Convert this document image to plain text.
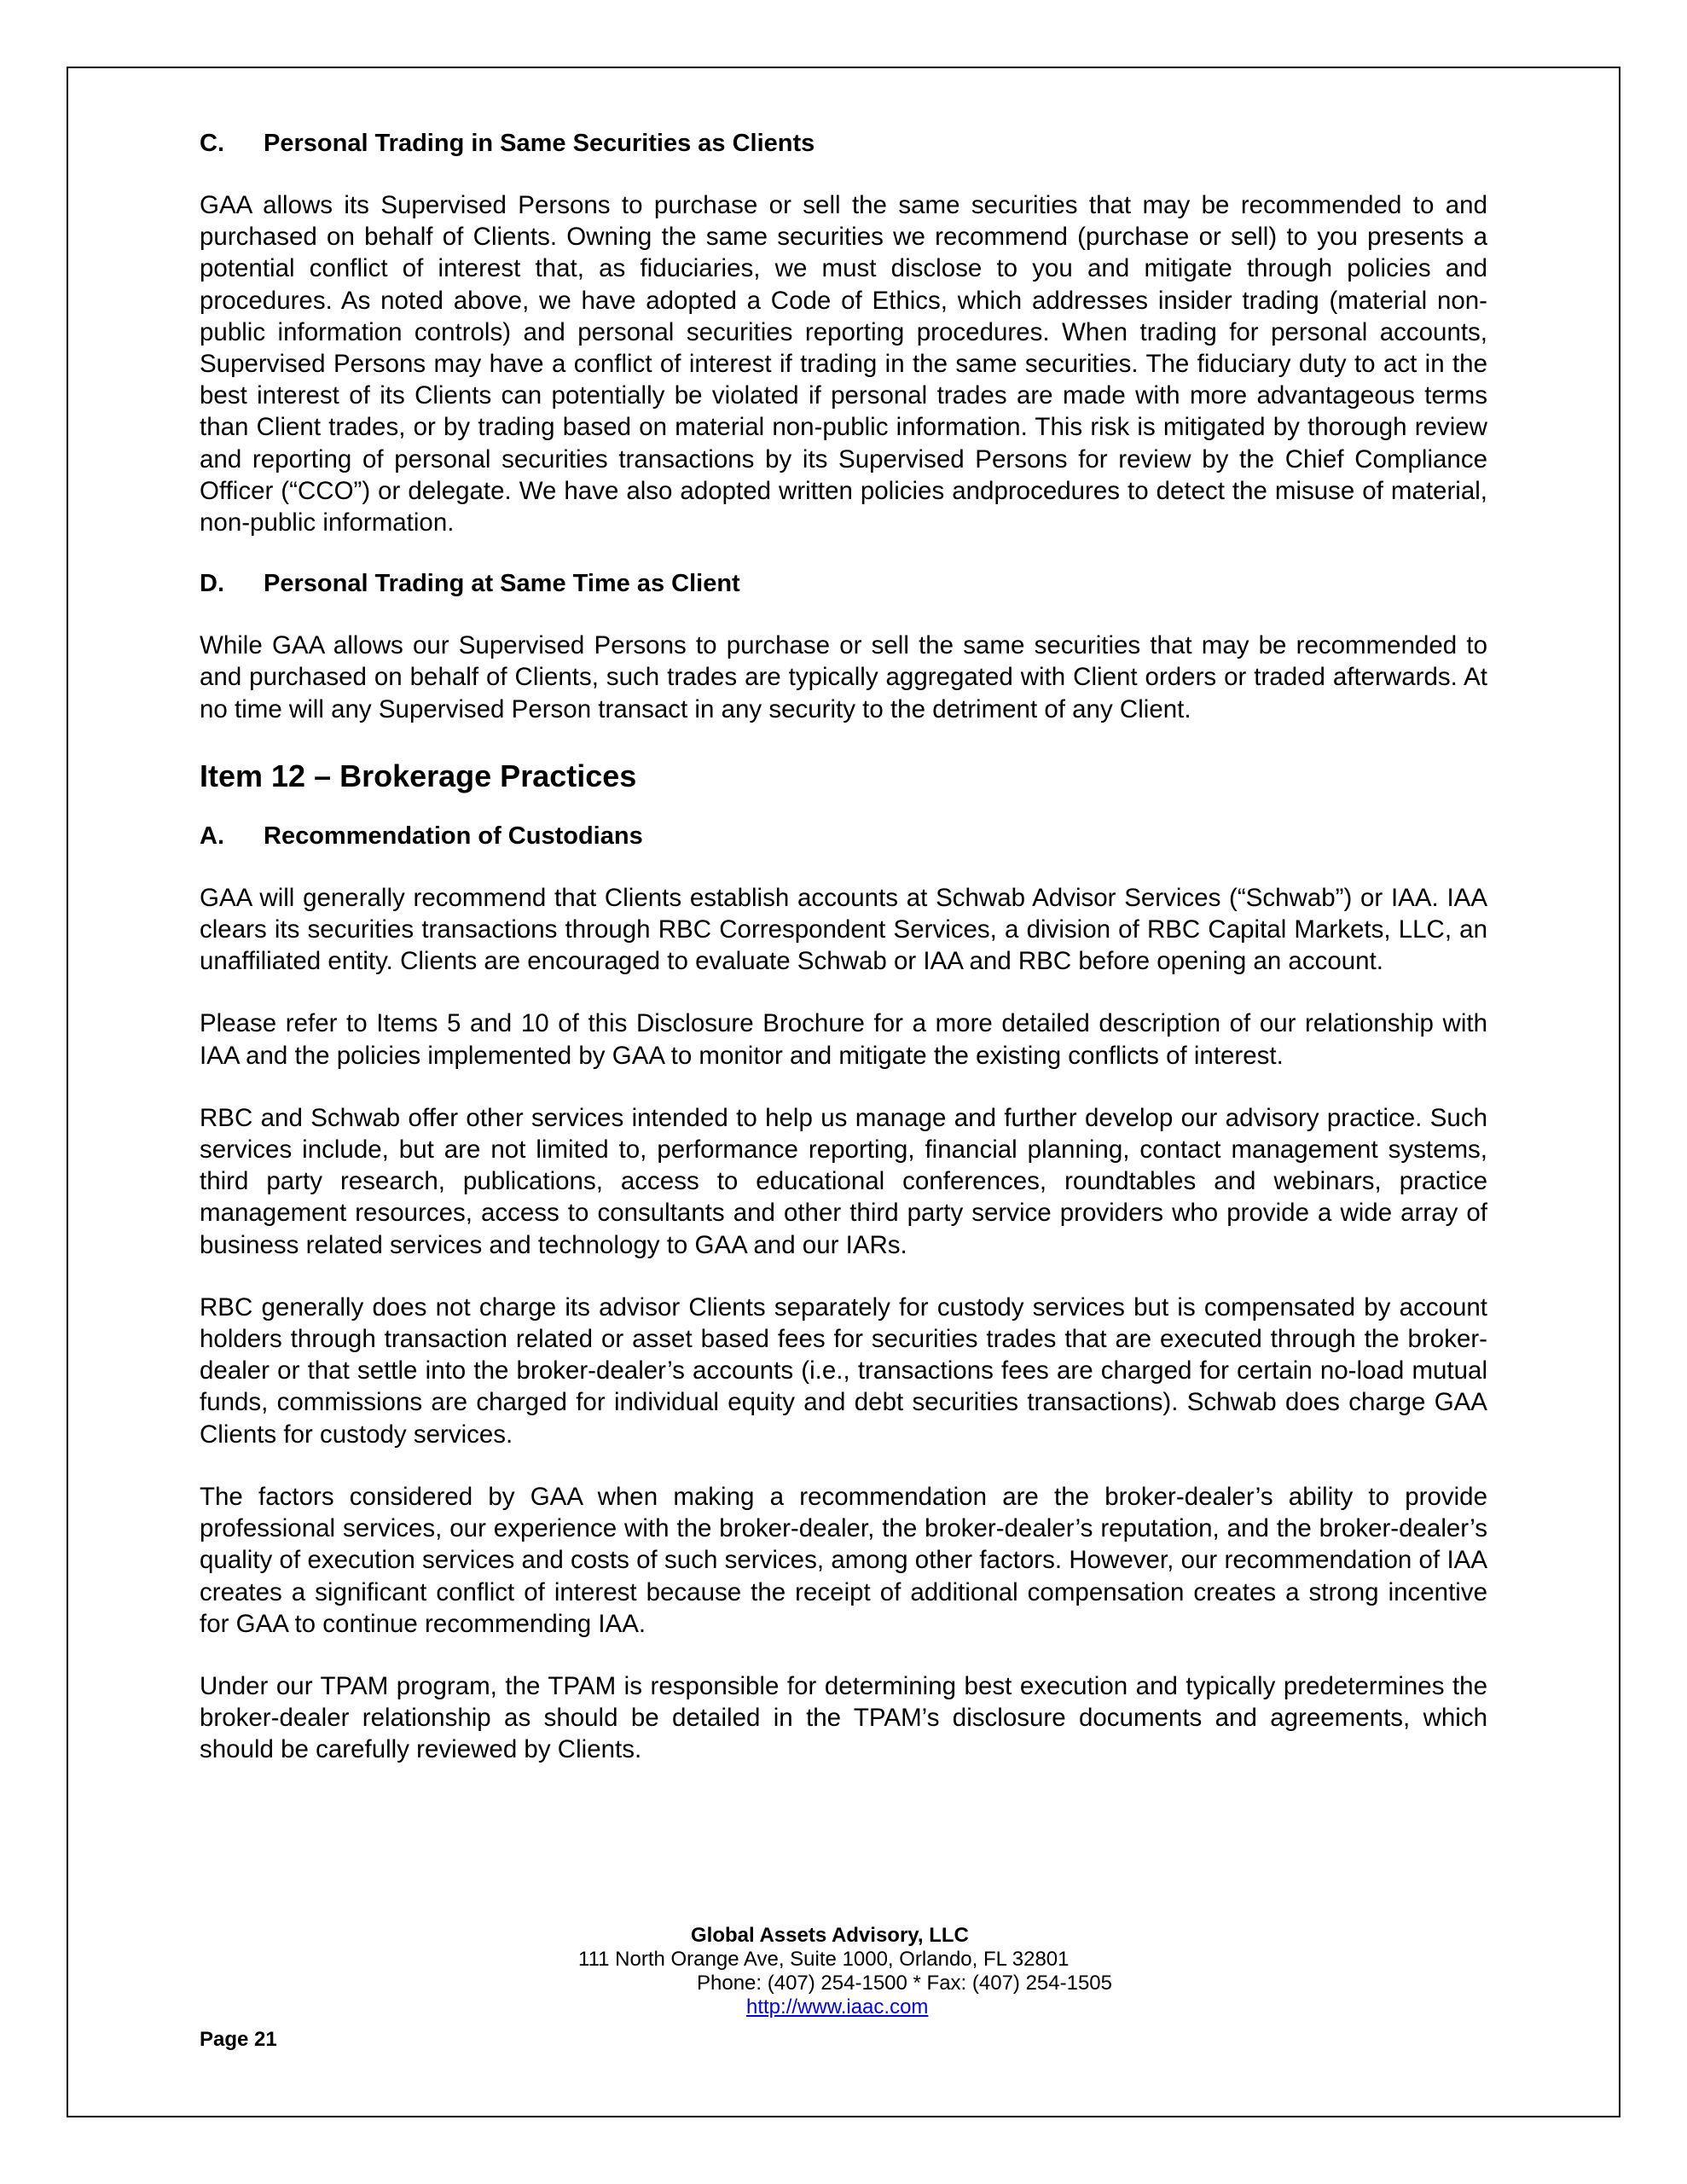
C.	Personal Trading in Same Securities as Clients

GAA allows its Supervised Persons to purchase or sell the same securities that may be recommended to and purchased on behalf of Clients. Owning the same securities we recommend (purchase or sell) to you presents a potential conflict of interest that, as fiduciaries, we must disclose to you and mitigate through policies and procedures. As noted above, we have adopted a Code of Ethics, which addresses insider trading (material non-public information controls) and personal securities reporting procedures. When trading for personal accounts, Supervised Persons may have a conflict of interest if trading in the same securities. The fiduciary duty to act in the best interest of its Clients can potentially be violated if personal trades are made with more advantageous terms than Client trades, or by trading based on material non-public information. This risk is mitigated by thorough review and reporting of personal securities transactions by its Supervised Persons for review by the Chief Compliance Officer (“CCO”) or delegate. We have also adopted written policies andprocedures to detect the misuse of material, non-public information.

D.	Personal Trading at Same Time as Client

While GAA allows our Supervised Persons to purchase or sell the same securities that may be recommended to and purchased on behalf of Clients, such trades are typically aggregated with Client orders or traded afterwards. At no time will any Supervised Person transact in any security to the detriment of any Client.

Item 12 – Brokerage Practices
A.	Recommendation of Custodians

GAA will generally recommend that Clients establish accounts at Schwab Advisor Services (“Schwab”) or IAA. IAA clears its securities transactions through RBC Correspondent Services, a division of RBC Capital Markets, LLC, an unaffiliated entity. Clients are encouraged to evaluate Schwab or IAA and RBC before opening an account.

Please refer to Items 5 and 10 of this Disclosure Brochure for a more detailed description of our relationship with IAA and the policies implemented by GAA to monitor and mitigate the existing conflicts of interest.

RBC and Schwab offer other services intended to help us manage and further develop our advisory practice. Such services include, but are not limited to, performance reporting, financial planning, contact management systems, third party research, publications, access to educational conferences, roundtables and webinars, practice management resources, access to consultants and other third party service providers who provide a wide array of business related services and technology to GAA and our IARs.

RBC generally does not charge its advisor Clients separately for custody services but is compensated by account holders through transaction related or asset based fees for securities trades that are executed through the broker-dealer or that settle into the broker-dealer’s accounts (i.e., transactions fees are charged for certain no-load mutual funds, commissions are charged for individual equity and debt securities transactions). Schwab does charge GAA Clients for custody services.

The factors considered by GAA when making a recommendation are the broker-dealer’s ability to provide professional services, our experience with the broker-dealer, the broker-dealer’s reputation, and the broker-dealer’s quality of execution services and costs of such services, among other factors. However, our recommendation of IAA creates a significant conflict of interest because the receipt of additional compensation creates a strong incentive for GAA to continue recommending IAA.

Under our TPAM program, the TPAM is responsible for determining best execution and typically predetermines the broker-dealer relationship as should be detailed in the TPAM’s disclosure documents and agreements, which should be carefully reviewed by Clients.

Global Assets Advisory, LLC
111 North Orange Ave, Suite 1000, Orlando, FL 32801
Phone: (407) 254-1500 * Fax: (407) 254-1505
http://www.iaac.com
Page 21
